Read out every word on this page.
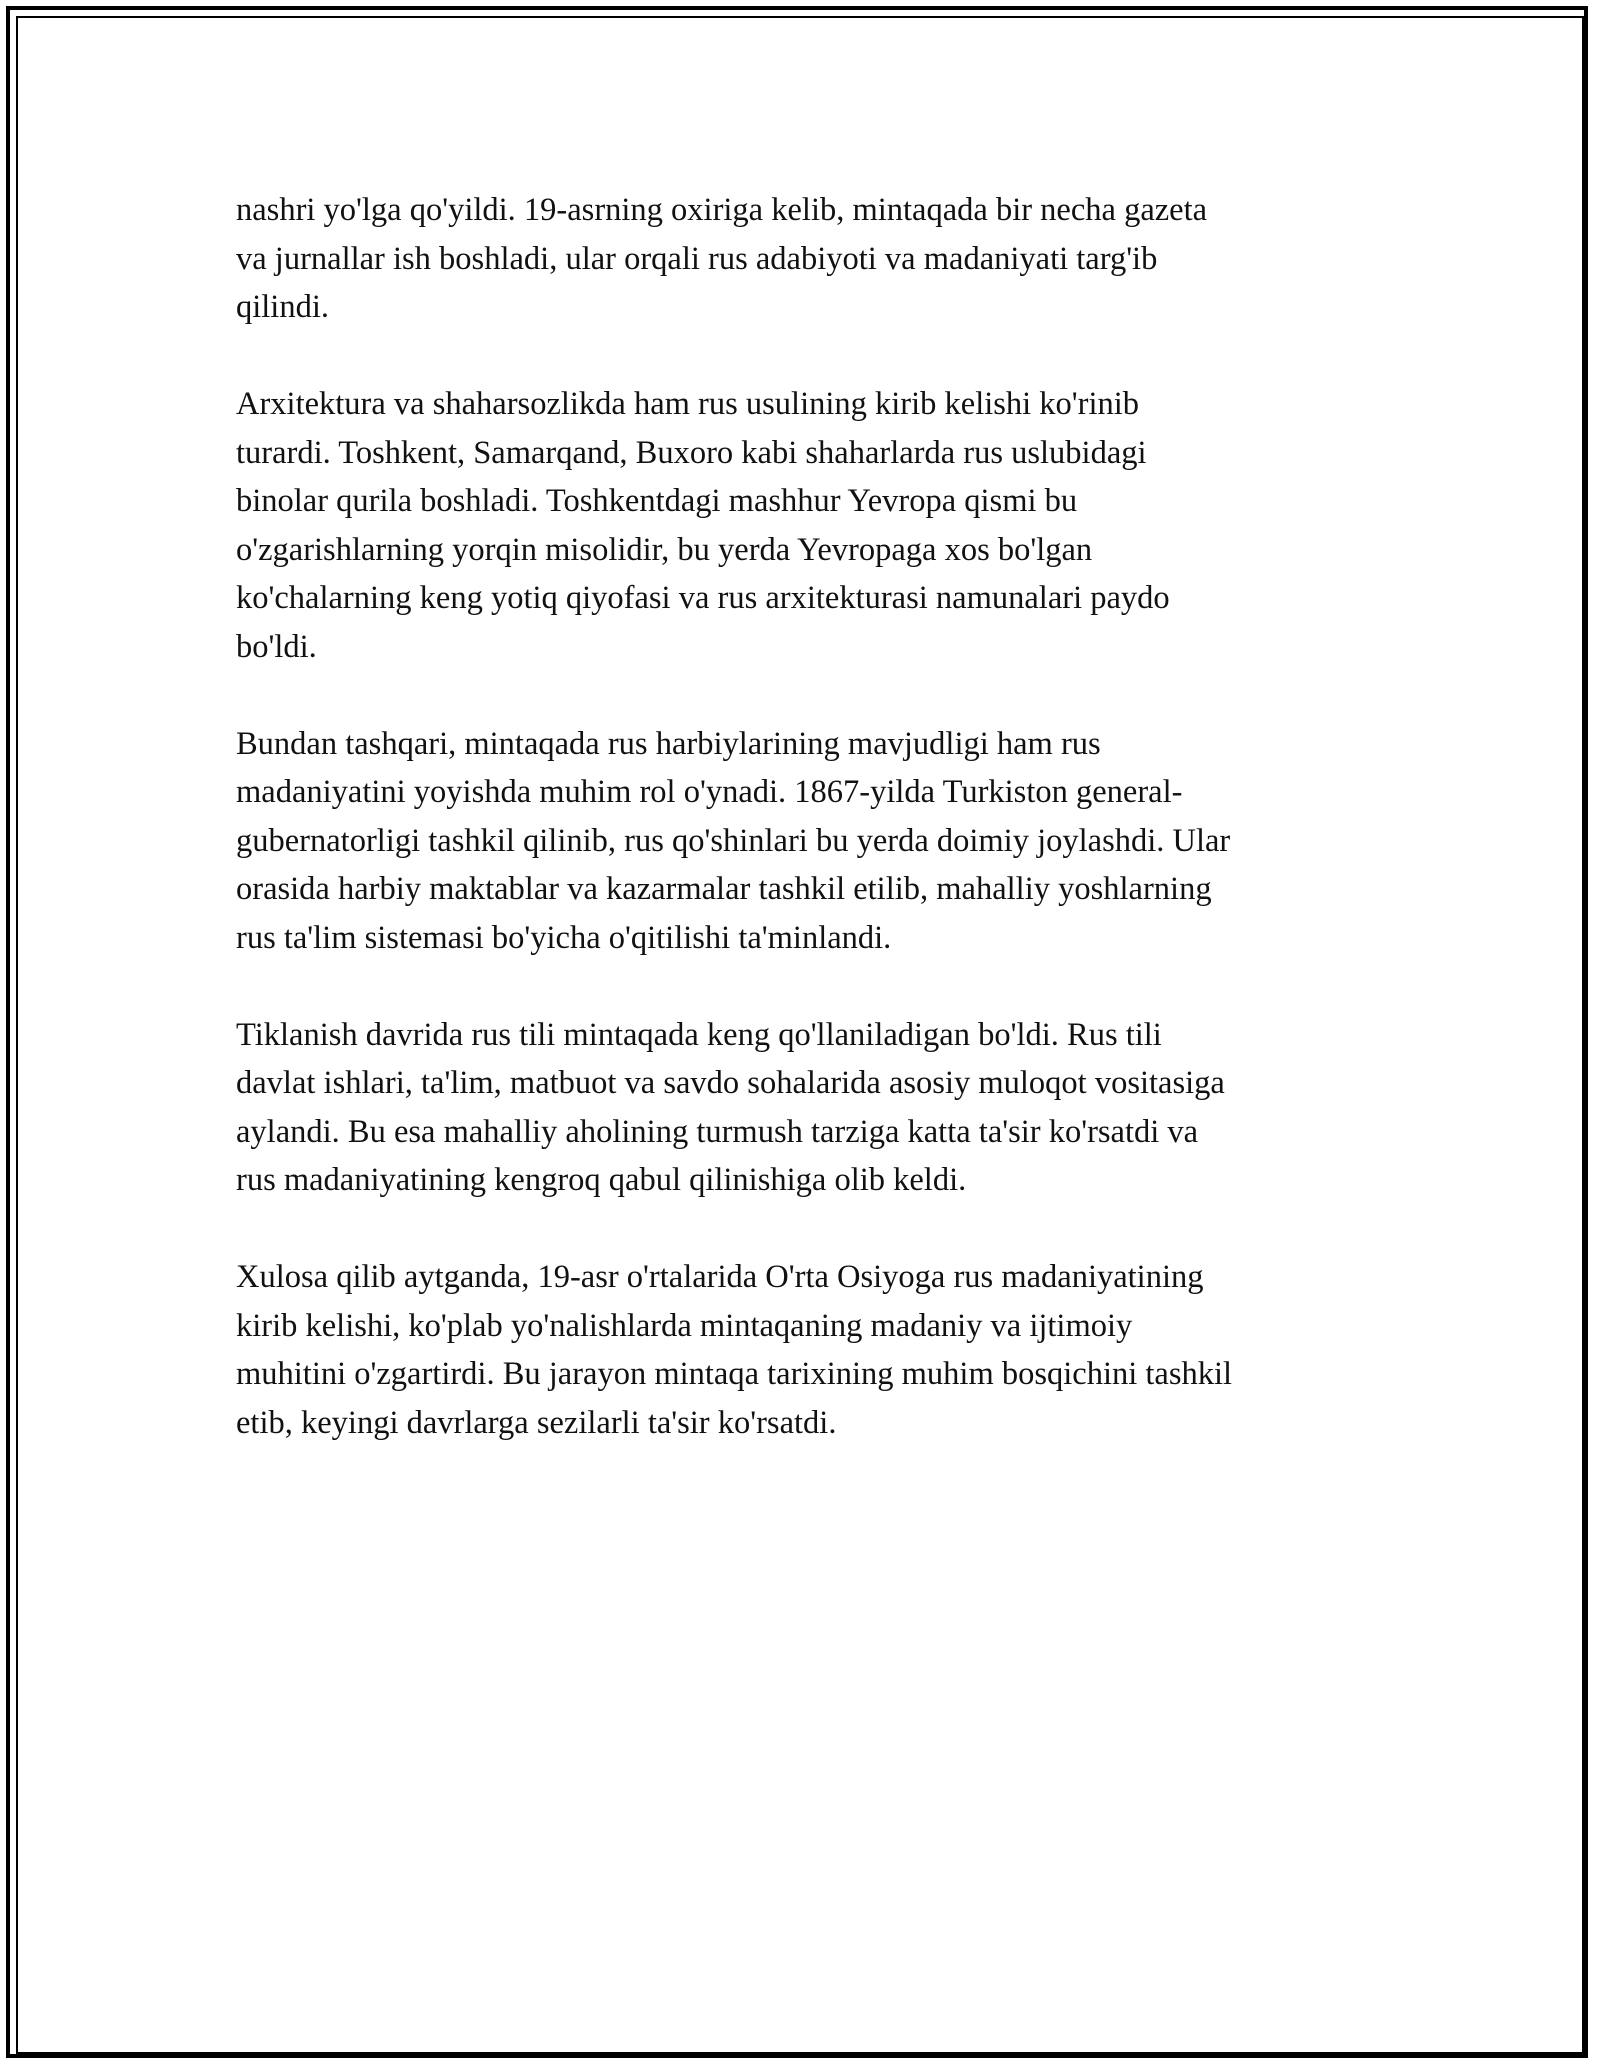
nashri yo'lga qo'yildi. 19-asrning oxiriga kelib, mintaqada bir necha gazeta
va jurnallar ish boshladi, ular orqali rus adabiyoti va madaniyati targ'ib
qilindi.

Arxitektura va shaharsozlikda ham rus usulining kirib kelishi ko'rinib
turardi. Toshkent, Samarqand, Buxoro kabi shaharlarda rus uslubidagi
binolar qurila boshladi. Toshkentdagi mashhur Yevropa qismi bu
o'zgarishlarning yorqin misolidir, bu yerda Yevropaga xos bo'lgan
ko'chalarning keng yotiq qiyofasi va rus arxitekturasi namunalari paydo
bo'ldi.

Bundan tashqari, mintaqada rus harbiylarining mavjudligi ham rus
madaniyatini yoyishda muhim rol o'ynadi. 1867-yilda Turkiston general-
gubernatorligi tashkil qilinib, rus qo'shinlari bu yerda doimiy joylashdi. Ular
orasida harbiy maktablar va kazarmalar tashkil etilib, mahalliy yoshlarning
rus ta'lim sistemasi bo'yicha o'qitilishi ta'minlandi.

Tiklanish davrida rus tili mintaqada keng qo'llaniladigan bo'ldi. Rus tili
davlat ishlari, ta'lim, matbuot va savdo sohalarida asosiy muloqot vositasiga
aylandi. Bu esa mahalliy aholining turmush tarziga katta ta'sir ko'rsatdi va
rus madaniyatining kengroq qabul qilinishiga olib keldi.

Xulosa qilib aytganda, 19-asr o'rtalarida O'rta Osiyoga rus madaniyatining
kirib kelishi, ko'plab yo'nalishlarda mintaqaning madaniy va ijtimoiy
muhitini o'zgartirdi. Bu jarayon mintaqa tarixining muhim bosqichini tashkil
etib, keyingi davrlarga sezilarli ta'sir ko'rsatdi.
